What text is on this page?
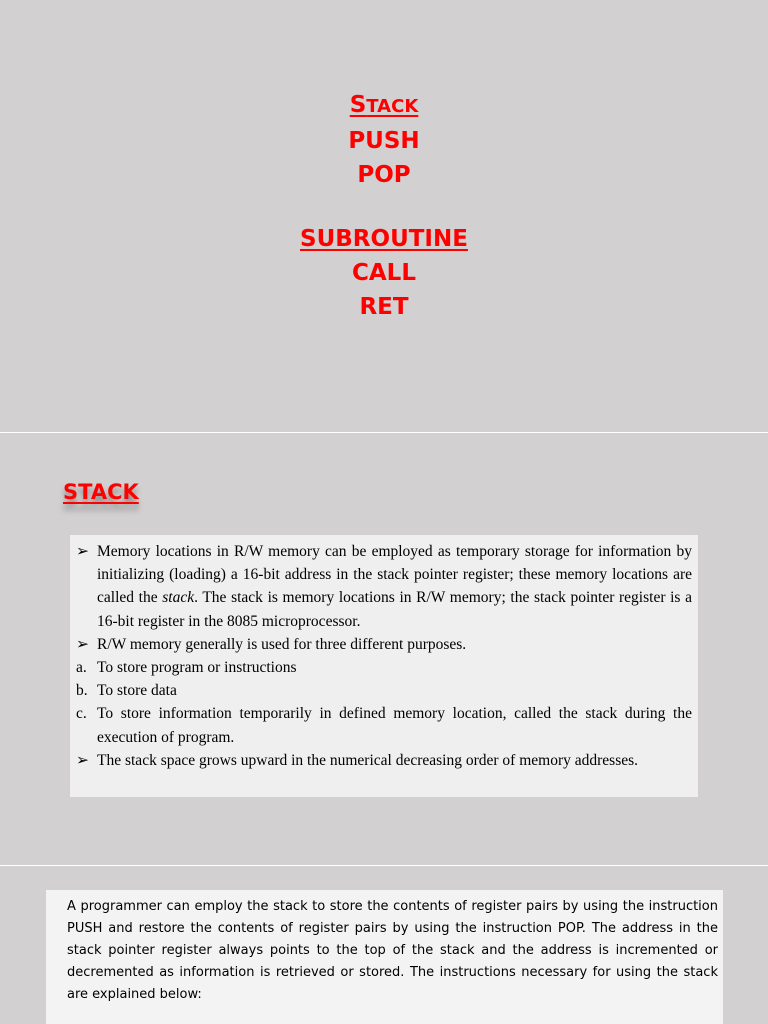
STACK
PUSH
POP
SUBROUTINE
CALL
RET
STACK
➢ Memory locations in R/W memory can be employed as temporary storage for information by initializing (loading) a 16-bit address in the stack pointer register; these memory locations are called the stack. The stack is memory locations in R/W memory; the stack pointer register is a 16-bit register in the 8085 microprocessor.
➢ R/W memory generally is used for three different purposes.
a. To store program or instructions
b. To store data
c. To store information temporarily in defined memory location, called the stack during the execution of program.
➢ The stack space grows upward in the numerical decreasing order of memory addresses.
A programmer can employ the stack to store the contents of register pairs by using the instruction PUSH and restore the contents of register pairs by using the instruction POP. The address in the stack pointer register always points to the top of the stack and the address is incremented or decremented as information is retrieved or stored. The instructions necessary for using the stack are explained below:
